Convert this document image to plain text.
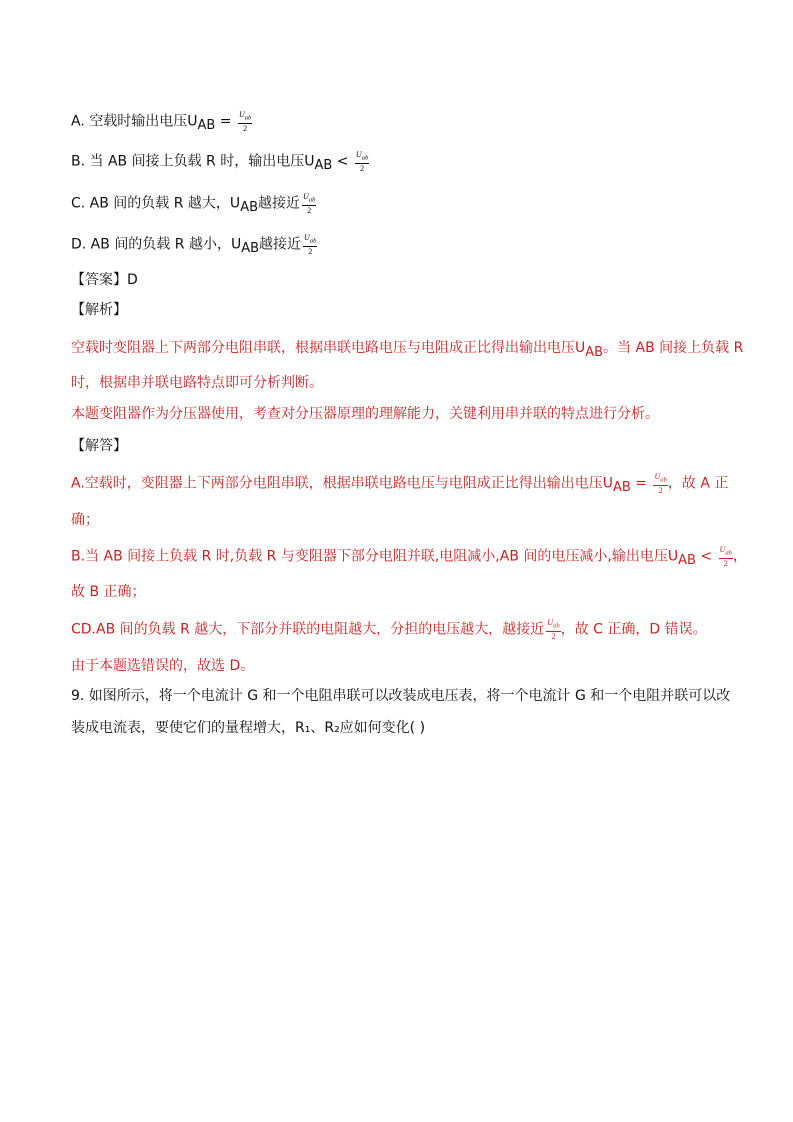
A. 空载时输出电压$U_{AB} = U_{ab}$
2
B. 当 AB 间接上负载 R 时，输出电压$U_{AB} < U_{ab}$
2
C. AB 间的负载 R 越大，$U_{AB}$越接近 $U_{ab}$
2
D. AB 间的负载 R 越小，$U_{AB}$越接近 $U_{ab}$
2
【答案】D
【解析】
空载时变阻器上下两部分电阻串联，根据串联电路电压与电阻成正比得出输出电压$U_{AB}$。当 AB 间接上负载 R
时，根据串并联电路特点即可分析判断。
本题变阻器作为分压器使用，考查对分压器原理的理解能力，关键利用串并联的特点进行分析。
【解答】
A.空载时，变阻器上下两部分电阻串联，根据串联电路电压与电阻成正比得出输出电压$U_{AB} = U_{ab}$
2 ，故 A 正
确；
B.当 AB 间接上负载 R 时,负载 R 与变阻器下部分电阻并联,电阻减小,AB 间的电压减小,输出电压$U_{AB} < U_{ab}$
2 ，
故 B 正确；
CD.AB 间的负载 R 越大，下部分并联的电阻越大，分担的电压越大，越接近 $U_{ab}$
2 ，故 C 正确，D 错误。
由于本题选错误的，故选 D。
9. 如图所示，将一个电流计 G 和一个电阻串联可以改装成电压表，将一个电流计 G 和一个电阻并联可以改
装成电流表，要使它们的量程增大，R₁、R₂应如何变化( )
